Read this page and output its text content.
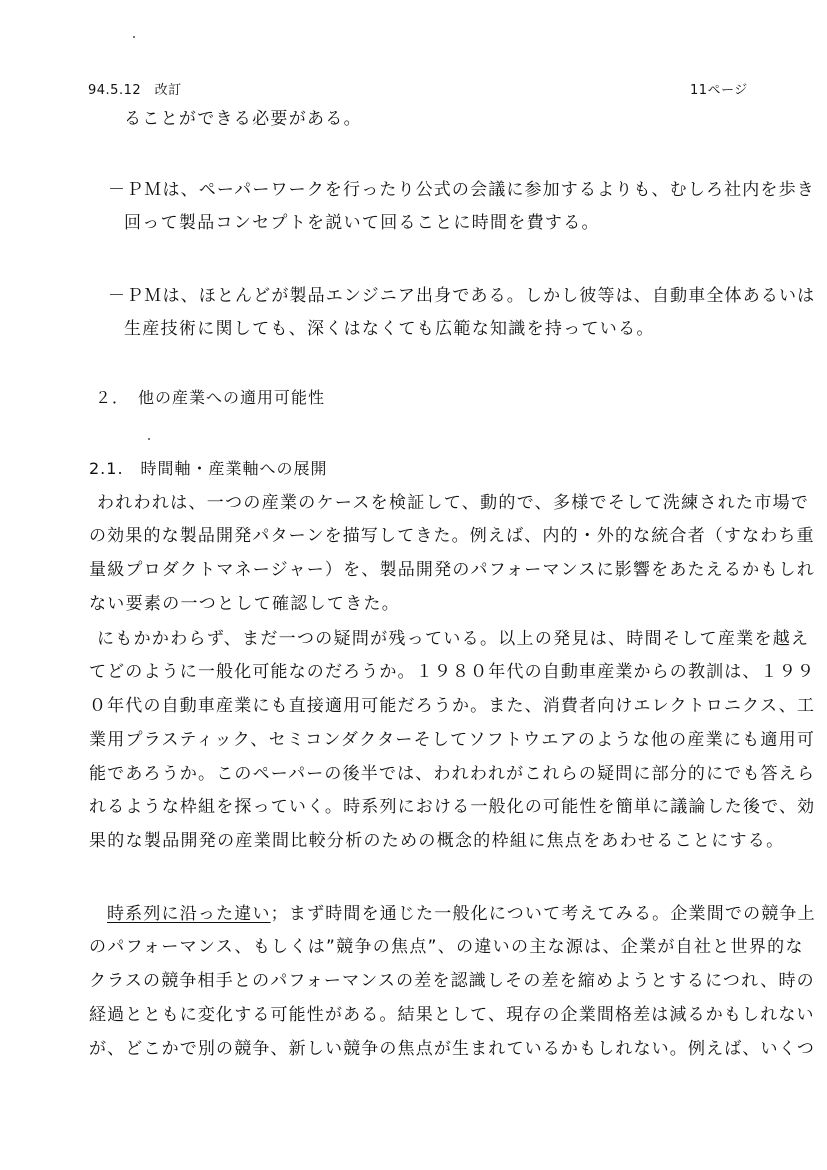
94.5.12　改訂	11ページ
ることができる必要がある。
－ＰＭは、ペーパーワークを行ったり公式の会議に参加するよりも、むしろ社内を歩き
回って製品コンセプトを説いて回ることに時間を費する。
－ＰＭは、ほとんどが製品エンジニア出身である。しかし彼等は、自動車全体あるいは
生産技術に関しても、深くはなくても広範な知識を持っている。
２．　他の産業への適用可能性
2.1.　時間軸・産業軸への展開
われわれは、一つの産業のケースを検証して、動的で、多様でそして洗練された市場で
の効果的な製品開発パターンを描写してきた。例えば、内的・外的な統合者（すなわち重
量級プロダクトマネージャー）を、製品開発のパフォーマンスに影響をあたえるかもしれ
ない要素の一つとして確認してきた。
にもかかわらず、まだ一つの疑問が残っている。以上の発見は、時間そして産業を越え
てどのように一般化可能なのだろうか。１９８０年代の自動車産業からの教訓は、１９９
０年代の自動車産業にも直接適用可能だろうか。また、消費者向けエレクトロニクス、工
業用プラスティック、セミコンダクターそしてソフトウエアのような他の産業にも適用可
能であろうか。このペーパーの後半では、われわれがこれらの疑問に部分的にでも答えら
れるような枠組を探っていく。時系列における一般化の可能性を簡単に議論した後で、効
果的な製品開発の産業間比較分析のための概念的枠組に焦点をあわせることにする。
時系列に沿った違い；まず時間を通じた一般化について考えてみる。企業間での競争上
のパフォーマンス、もしくは”競争の焦点”、の違いの主な源は、企業が自社と世界的な
クラスの競争相手とのパフォーマンスの差を認識しその差を縮めようとするにつれ、時の
経過とともに変化する可能性がある。結果として、現存の企業間格差は減るかもしれない
が、どこかで別の競争、新しい競争の焦点が生まれているかもしれない。例えば、いくつ
